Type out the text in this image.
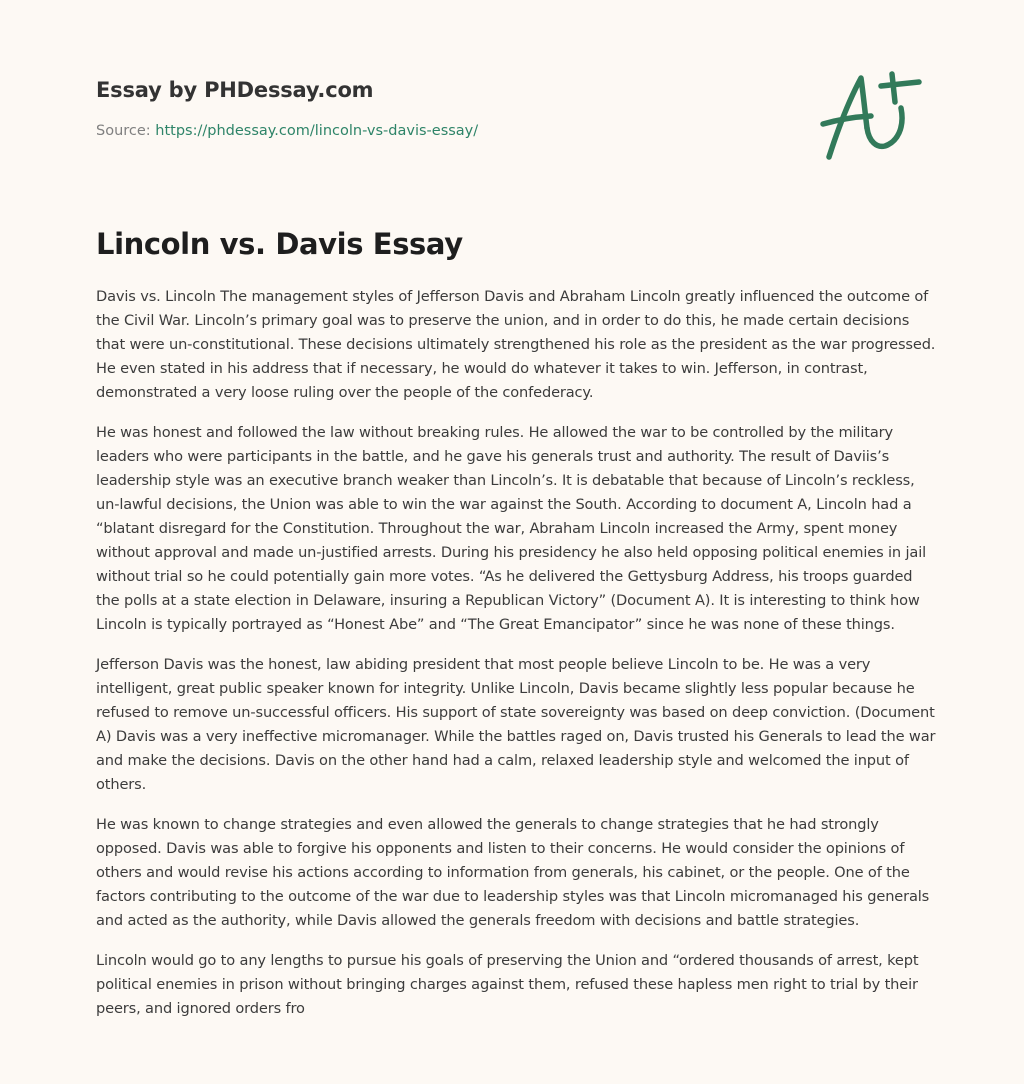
Essay by PHDessay.com
Source: https://phdessay.com/lincoln-vs-davis-essay/
Lincoln vs. Davis Essay

Davis vs. Lincoln The management styles of Jefferson Davis and Abraham Lincoln greatly influenced the outcome of the Civil War. Lincoln’s primary goal was to preserve the union, and in order to do this, he made certain decisions that were un-constitutional. These decisions ultimately strengthened his role as the president as the war progressed. He even stated in his address that if necessary, he would do whatever it takes to win. Jefferson, in contrast, demonstrated a very loose ruling over the people of the confederacy.

He was honest and followed the law without breaking rules. He allowed the war to be controlled by the military leaders who were participants in the battle, and he gave his generals trust and authority. The result of Daviis’s leadership style was an executive branch weaker than Lincoln’s. It is debatable that because of Lincoln’s reckless, un-lawful decisions, the Union was able to win the war against the South. According to document A, Lincoln had a “blatant disregard for the Constitution. Throughout the war, Abraham Lincoln increased the Army, spent money without approval and made un-justified arrests. During his presidency he also held opposing political enemies in jail without trial so he could potentially gain more votes. “As he delivered the Gettysburg Address, his troops guarded the polls at a state election in Delaware, insuring a Republican Victory” (Document A). It is interesting to think how Lincoln is typically portrayed as “Honest Abe” and “The Great Emancipator” since he was none of these things.

Jefferson Davis was the honest, law abiding president that most people believe Lincoln to be. He was a very intelligent, great public speaker known for integrity. Unlike Lincoln, Davis became slightly less popular because he refused to remove un-successful officers. His support of state sovereignty was based on deep conviction. (Document A) Davis was a very ineffective micromanager. While the battles raged on, Davis trusted his Generals to lead the war and make the decisions. Davis on the other hand had a calm, relaxed leadership style and welcomed the input of others.

He was known to change strategies and even allowed the generals to change strategies that he had strongly opposed. Davis was able to forgive his opponents and listen to their concerns. He would consider the opinions of others and would revise his actions according to information from generals, his cabinet, or the people. One of the factors contributing to the outcome of the war due to leadership styles was that Lincoln micromanaged his generals and acted as the authority, while Davis allowed the generals freedom with decisions and battle strategies.

Lincoln would go to any lengths to pursue his goals of preserving the Union and “ordered thousands of arrest, kept political enemies in prison without bringing charges against them, refused these hapless men right to trial by their peers, and ignored orders fro
